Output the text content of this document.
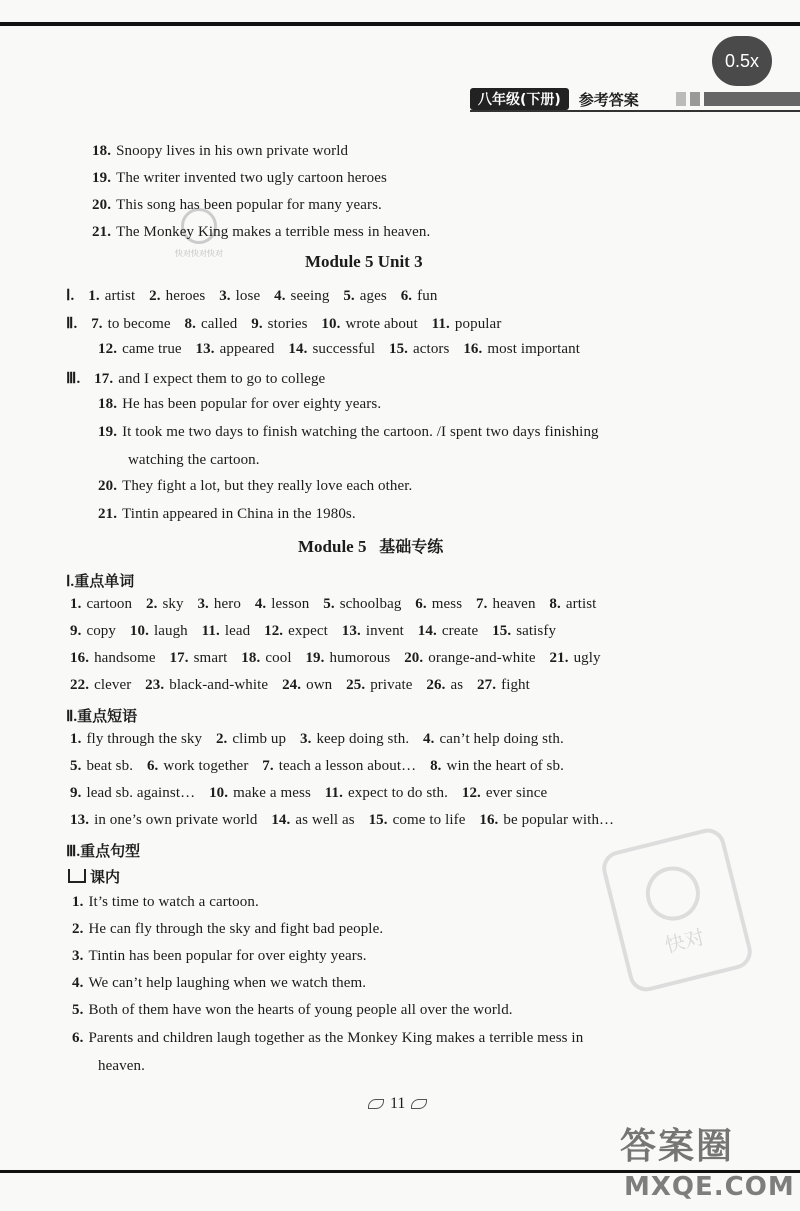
0.5x
八年级(下册)	参考答案
快对快对快对
快对
18. Snoopy lives in his own private world
19. The writer invented two ugly cartoon heroes
20. This song has been popular for many years.
21. The Monkey King makes a terrible mess in heaven.
Module 5 Unit 3
Ⅰ. 1. artist 2. heroes 3. lose 4. seeing 5. ages 6. fun
Ⅱ. 7. to become 8. called 9. stories 10. wrote about 11. popular
12. came true 13. appeared 14. successful 15. actors 16. most important
Ⅲ. 17. and I expect them to go to college
18. He has been popular for over eighty years.
19. It took me two days to finish watching the cartoon. /I spent two days finishing
watching the cartoon.
20. They fight a lot, but they really love each other.
21. Tintin appeared in China in the 1980s.
Module 5 基础专练
Ⅰ.重点单词
1. cartoon 2. sky 3. hero 4. lesson 5. schoolbag 6. mess 7. heaven 8. artist
9. copy 10. laugh 11. lead 12. expect 13. invent 14. create 15. satisfy
16. handsome 17. smart 18. cool 19. humorous 20. orange-and-white 21. ugly
22. clever 23. black-and-white 24. own 25. private 26. as 27. fight
Ⅱ.重点短语
1. fly through the sky 2. climb up 3. keep doing sth. 4. can’t help doing sth.
5. beat sb. 6. work together 7. teach a lesson about… 8. win the heart of sb.
9. lead sb. against… 10. make a mess 11. expect to do sth. 12. ever since
13. in one’s own private world 14. as well as 15. come to life 16. be popular with…
Ⅲ.重点句型
课内
1. It’s time to watch a cartoon.
2. He can fly through the sky and fight bad people.
3. Tintin has been popular for over eighty years.
4. We can’t help laughing when we watch them.
5. Both of them have won the hearts of young people all over the world.
6. Parents and children laugh together as the Monkey King makes a terrible mess in
heaven.
11
答案圈
MXQE.COM
